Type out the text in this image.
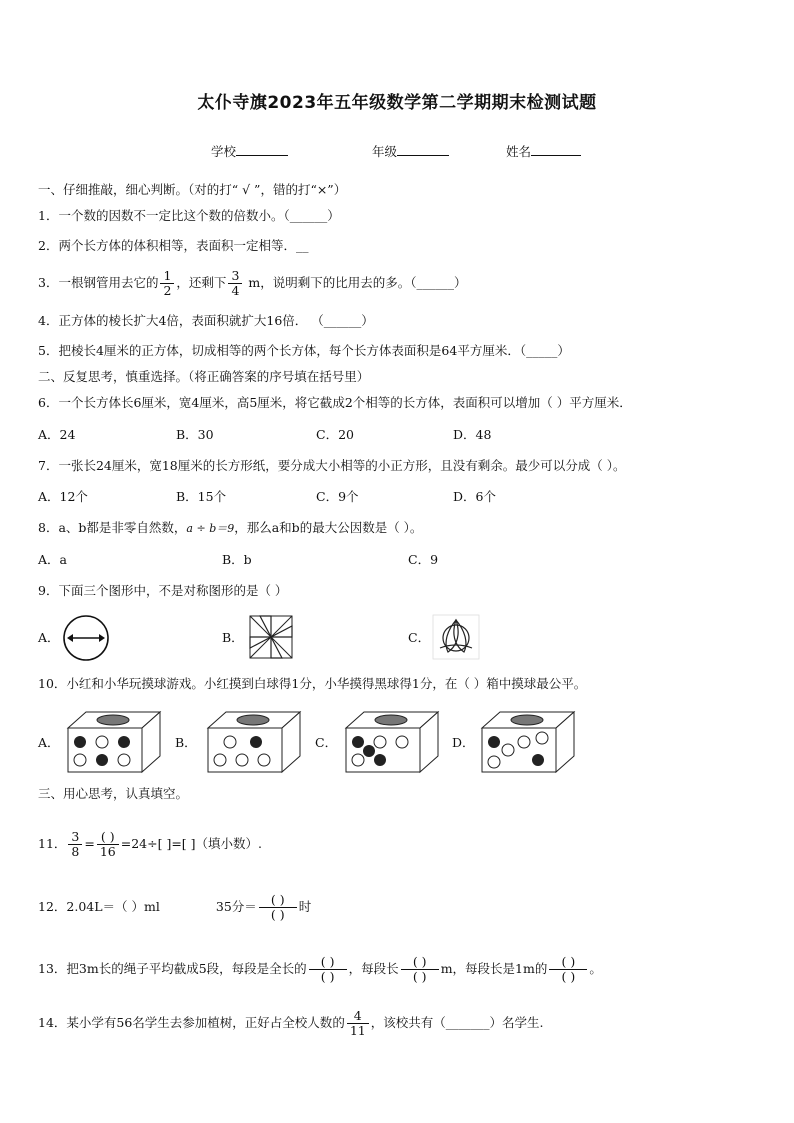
太仆寺旗2023年五年级数学第二学期期末检测试题
学校	年级	姓名
一、仔细推敲，细心判断。（对的打“ √ ”，错的打“×”）
1．一个数的因数不一定比这个数的倍数小。（______）
2．两个长方体的体积相等，表面积一定相等．__
3．一根钢管用去它的 $\frac{1}{2}$ ，还剩下 $\frac{3}{4}$ m，说明剩下的比用去的多。（______）
4．正方体的棱长扩大4倍，表面积就扩大16倍． （______）
5．把棱长4厘米的正方体，切成相等的两个长方体，每个长方体表面积是64平方厘米．（_____）
二、反复思考，慎重选择。（将正确答案的序号填在括号里）
6．一个长方体长6厘米，宽4厘米，高5厘米，将它截成2个相等的长方体，表面积可以增加（ ）平方厘米．
A．24	B．30	C．20	D．48
7．一张长24厘米，宽18厘米的长方形纸，要分成大小相等的小正方形，且没有剩余。最少可以分成（ ）。
A．12个	B．15个	C．9个	D．6个
8．a、b都是非零自然数，a ÷ b＝9，那么a和b的最大公因数是（ ）。
A．a	B．b	C．9
9．下面三个图形中，不是对称图形的是（ ）
A．	B．	C．
10．小红和小华玩摸球游戏。小红摸到白球得1分，小华摸得黑球得1分，在（ ）箱中摸球最公平。
A．	B．	C．	D．
三、用心思考，认真填空。
11． $\frac{3}{8} = \frac{( )}{16} =24\div$[ ]=[ ]（填小数）.
12．2.04L＝（ ）ml	35分＝ $\frac{( )}{( )}$ 时
13．把3m长的绳子平均截成5段，每段是全长的 $\frac{( )}{( )}$ ，每段长 $\frac{( )}{( )}$ m，每段长是1m的 $\frac{( )}{( )}$ 。
14．某小学有56名学生去参加植树，正好占全校人数的 $\frac{4}{11}$ ，该校共有（_______）名学生.
